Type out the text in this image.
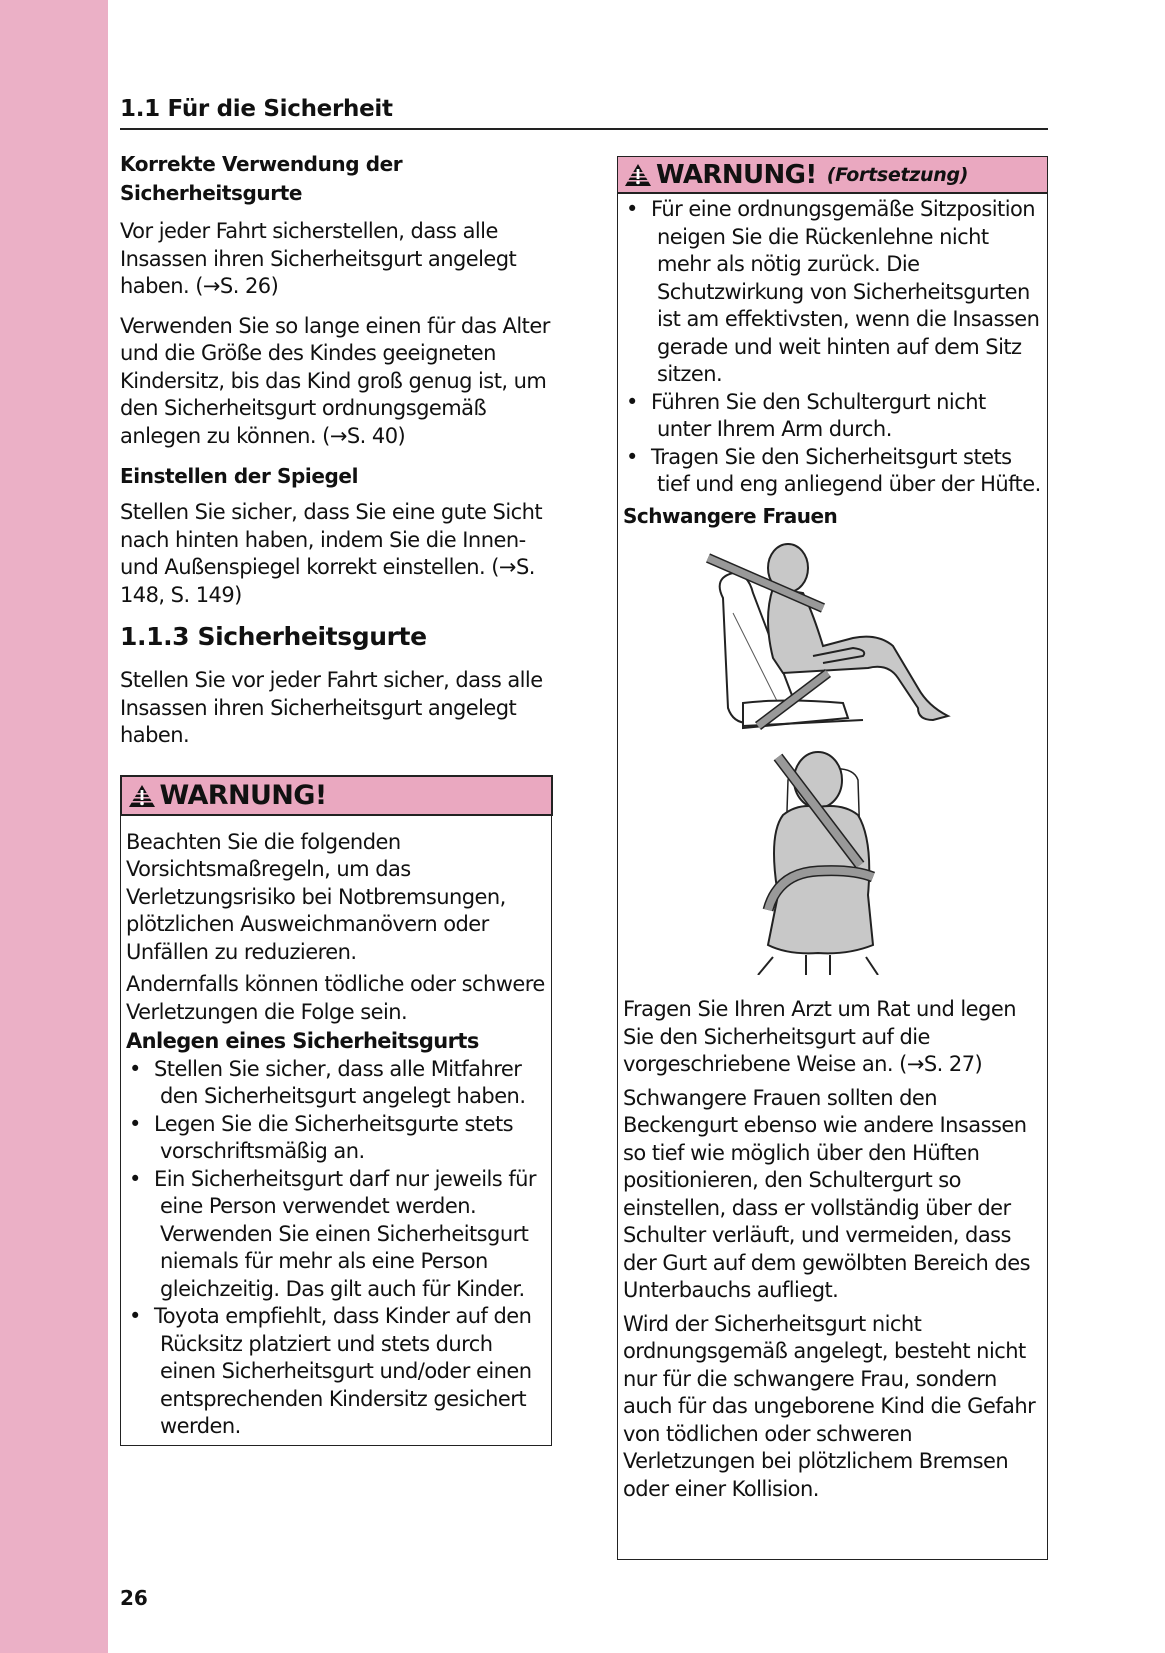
1.1 Für die Sicherheit

Korrekte Verwendung der Sicherheitsgurte

Vor jeder Fahrt sicherstellen, dass alle Insassen ihren Sicherheitsgurt angelegt haben. (→S. 26)

Verwenden Sie so lange einen für das Alter und die Größe des Kindes geeigneten Kindersitz, bis das Kind groß genug ist, um den Sicherheitsgurt ordnungsgemäß anlegen zu können. (→S. 40)

Einstellen der Spiegel

Stellen Sie sicher, dass Sie eine gute Sicht nach hinten haben, indem Sie die Innen- und Außenspiegel korrekt einstellen. (→S. 148, S. 149)

1.1.3 Sicherheitsgurte

Stellen Sie vor jeder Fahrt sicher, dass alle Insassen ihren Sicherheitsgurt angelegt haben.

WARNUNG!

Beachten Sie die folgenden Vorsichtsmaßregeln, um das Verletzungsrisiko bei Notbremsungen, plötzlichen Ausweichmanövern oder Unfällen zu reduzieren.

Andernfalls können tödliche oder schwere Verletzungen die Folge sein.

Anlegen eines Sicherheitsgurts

• Stellen Sie sicher, dass alle Mitfahrer den Sicherheitsgurt angelegt haben.
• Legen Sie die Sicherheitsgurte stets vorschriftsmäßig an.
• Ein Sicherheitsgurt darf nur jeweils für eine Person verwendet werden. Verwenden Sie einen Sicherheitsgurt niemals für mehr als eine Person gleichzeitig. Das gilt auch für Kinder.
• Toyota empfiehlt, dass Kinder auf den Rücksitz platziert und stets durch einen Sicherheitsgurt und/oder einen entsprechenden Kindersitz gesichert werden.
WARNUNG! (Fortsetzung)
• Für eine ordnungsgemäße Sitzposition neigen Sie die Rückenlehne nicht mehr als nötig zurück. Die Schutzwirkung von Sicherheitsgurten ist am effektivsten, wenn die Insassen gerade und weit hinten auf dem Sitz sitzen.
• Führen Sie den Schultergurt nicht unter Ihrem Arm durch.
• Tragen Sie den Sicherheitsgurt stets tief und eng anliegend über der Hüfte.

Schwangere Frauen

Fragen Sie Ihren Arzt um Rat und legen Sie den Sicherheitsgurt auf die vorgeschriebene Weise an. (→S. 27)

Schwangere Frauen sollten den Beckengurt ebenso wie andere Insassen so tief wie möglich über den Hüften positionieren, den Schultergurt so einstellen, dass er vollständig über der Schulter verläuft, und vermeiden, dass der Gurt auf dem gewölbten Bereich des Unterbauchs aufliegt.

Wird der Sicherheitsgurt nicht ordnungsgemäß angelegt, besteht nicht nur für die schwangere Frau, sondern auch für das ungeborene Kind die Gefahr von tödlichen oder schweren Verletzungen bei plötzlichem Bremsen oder einer Kollision.

26
